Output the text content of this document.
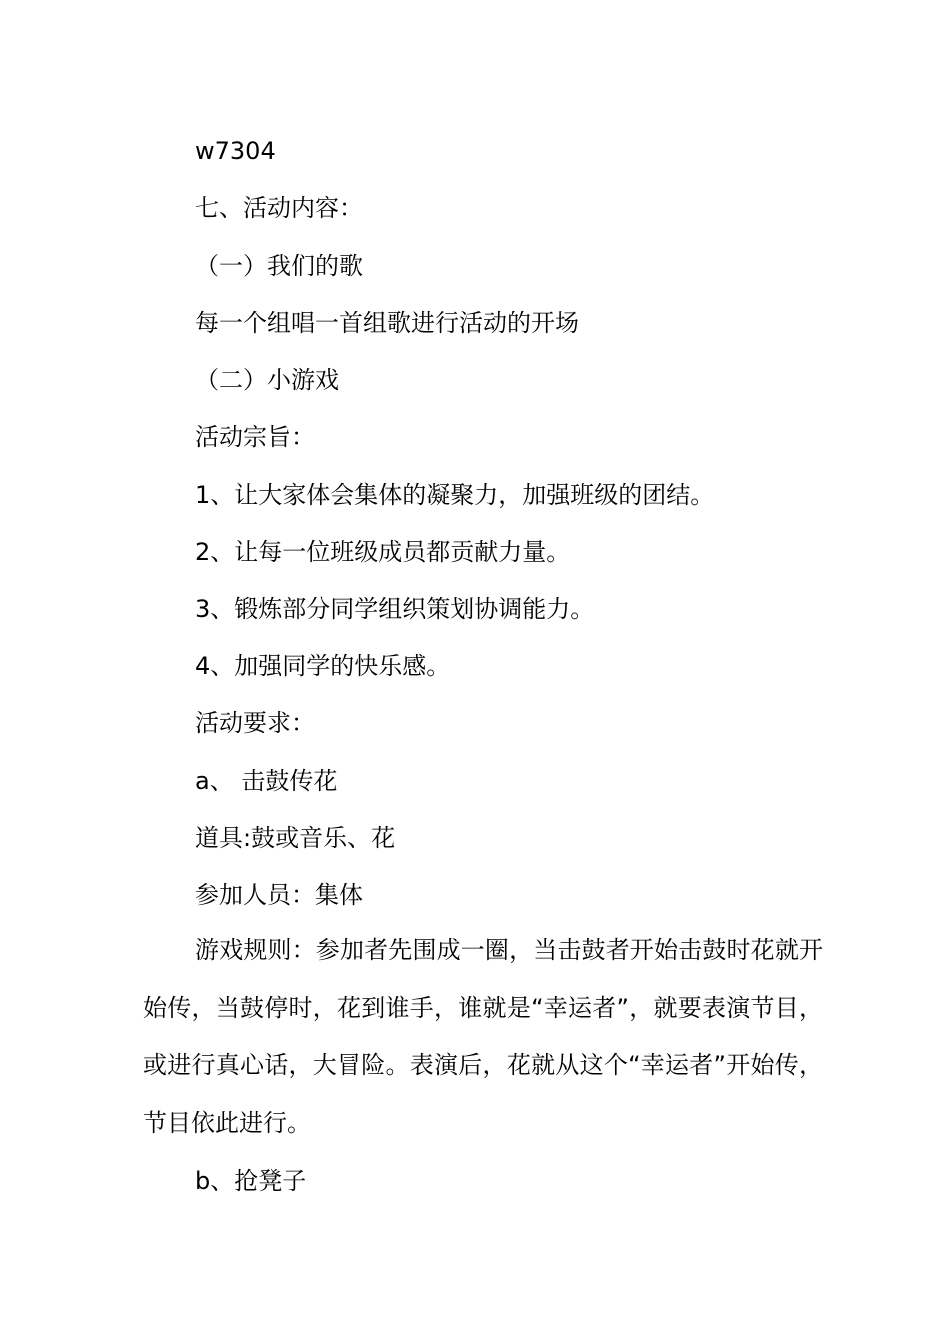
w7304
七、活动内容：
（一）我们的歌
每一个组唱一首组歌进行活动的开场
（二）小游戏
活动宗旨：
1、让大家体会集体的凝聚力，加强班级的团结。
2、让每一位班级成员都贡献力量。
3、锻炼部分同学组织策划协调能力。
4、加强同学的快乐感。
活动要求：
a、 击鼓传花
道具:鼓或音乐、花
参加人员：集体
游戏规则：参加者先围成一圈，当击鼓者开始击鼓时花就开始传，当鼓停时，花到谁手，谁就是“幸运者”，就要表演节目，或进行真心话，大冒险。表演后，花就从这个“幸运者”开始传，节目依此进行。
b、抢凳子
